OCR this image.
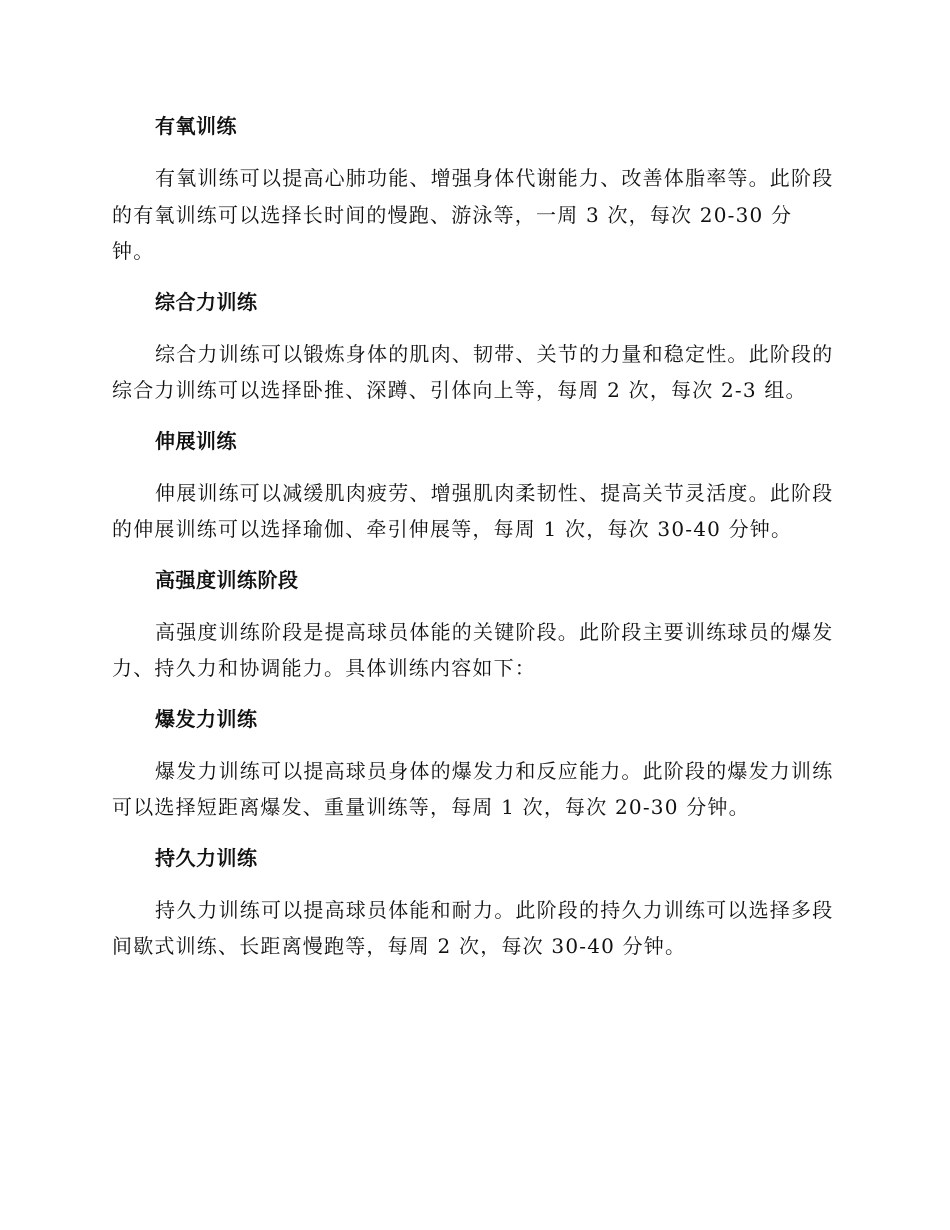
有氧训练

有氧训练可以提高心肺功能、增强身体代谢能力、改善体脂率等。此阶段的有氧训练可以选择长时间的慢跑、游泳等，一周 3 次，每次 20-30 分钟。

综合力训练

综合力训练可以锻炼身体的肌肉、韧带、关节的力量和稳定性。此阶段的综合力训练可以选择卧推、深蹲、引体向上等，每周 2 次，每次 2-3 组。

伸展训练

伸展训练可以减缓肌肉疲劳、增强肌肉柔韧性、提高关节灵活度。此阶段的伸展训练可以选择瑜伽、牵引伸展等，每周 1 次，每次 30-40 分钟。

高强度训练阶段

高强度训练阶段是提高球员体能的关键阶段。此阶段主要训练球员的爆发力、持久力和协调能力。具体训练内容如下：

爆发力训练

爆发力训练可以提高球员身体的爆发力和反应能力。此阶段的爆发力训练可以选择短距离爆发、重量训练等，每周 1 次，每次 20-30 分钟。

持久力训练

持久力训练可以提高球员体能和耐力。此阶段的持久力训练可以选择多段间歇式训练、长距离慢跑等，每周 2 次，每次 30-40 分钟。
